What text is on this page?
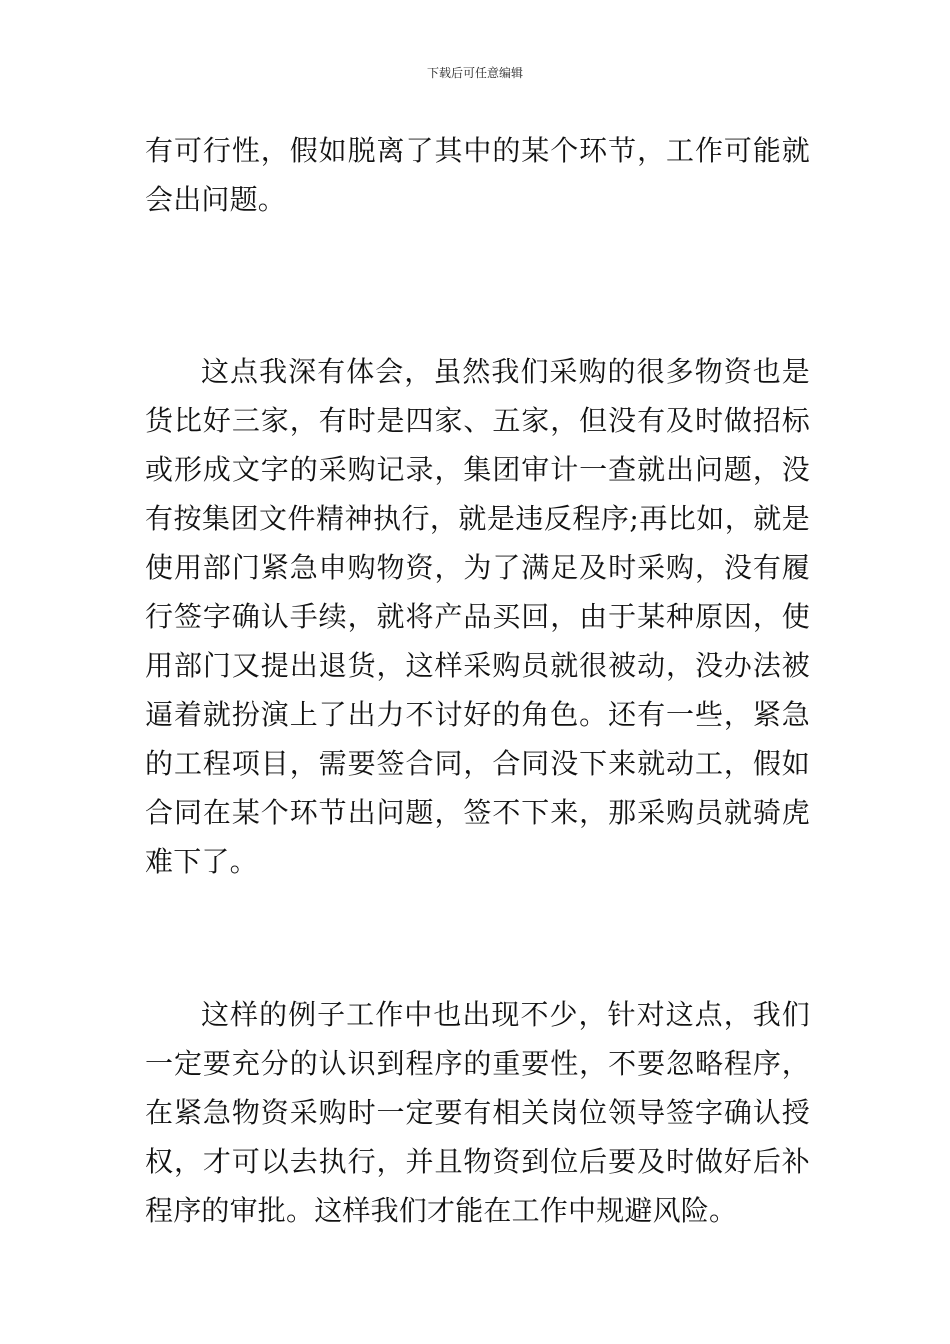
下载后可任意编辑

有可行性，假如脱离了其中的某个环节，工作可能就会出问题。

这点我深有体会，虽然我们采购的很多物资也是货比好三家，有时是四家、五家，但没有及时做招标或形成文字的采购记录，集团审计一查就出问题，没有按集团文件精神执行，就是违反程序;再比如，就是使用部门紧急申购物资，为了满足及时采购，没有履行签字确认手续，就将产品买回，由于某种原因，使用部门又提出退货，这样采购员就很被动，没办法被逼着就扮演上了出力不讨好的角色。还有一些，紧急的工程项目，需要签合同，合同没下来就动工，假如合同在某个环节出问题，签不下来，那采购员就骑虎难下了。

这样的例子工作中也出现不少，针对这点，我们一定要充分的认识到程序的重要性，不要忽略程序，在紧急物资采购时一定要有相关岗位领导签字确认授权，才可以去执行，并且物资到位后要及时做好后补程序的审批。这样我们才能在工作中规避风险。
